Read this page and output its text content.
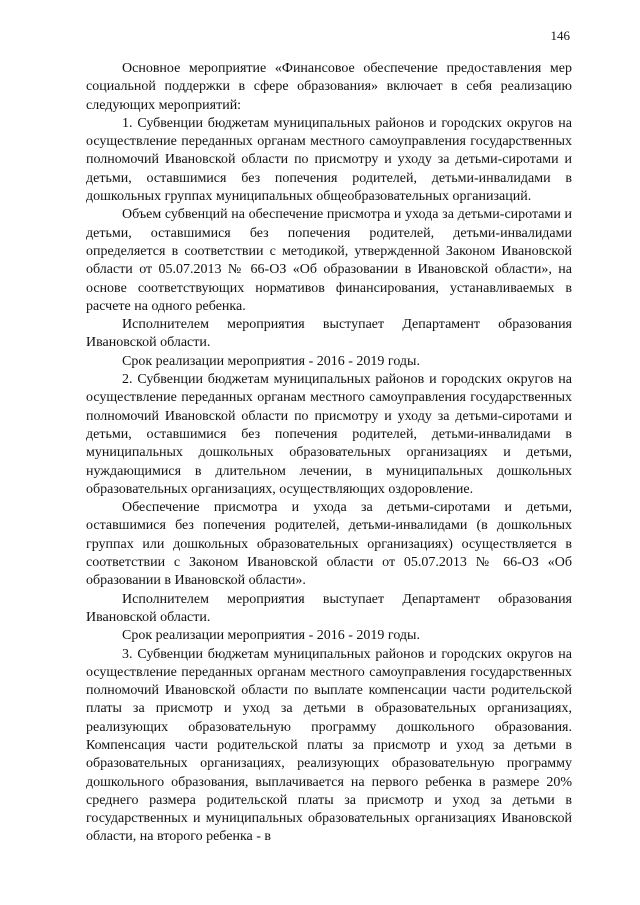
146

Основное мероприятие «Финансовое обеспечение предоставления мер социальной поддержки в сфере образования» включает в себя реализацию следующих мероприятий:

1. Субвенции бюджетам муниципальных районов и городских округов на осуществление переданных органам местного самоуправления государственных полномочий Ивановской области по присмотру и уходу за детьми-сиротами и детьми, оставшимися без попечения родителей, детьми-инвалидами в дошкольных группах муниципальных общеобразовательных организаций.

Объем субвенций на обеспечение присмотра и ухода за детьми-сиротами и детьми, оставшимися без попечения родителей, детьми-инвалидами определяется в соответствии с методикой, утвержденной Законом Ивановской области от 05.07.2013 № 66-ОЗ «Об образовании в Ивановской области», на основе соответствующих нормативов финансирования, устанавливаемых в расчете на одного ребенка.

Исполнителем мероприятия выступает Департамент образования Ивановской области.

Срок реализации мероприятия - 2016 - 2019 годы.

2. Субвенции бюджетам муниципальных районов и городских округов на осуществление переданных органам местного самоуправления государственных полномочий Ивановской области по присмотру и уходу за детьми-сиротами и детьми, оставшимися без попечения родителей, детьми-инвалидами в муниципальных дошкольных образовательных организациях и детьми, нуждающимися в длительном лечении, в муниципальных дошкольных образовательных организациях, осуществляющих оздоровление.

Обеспечение присмотра и ухода за детьми-сиротами и детьми, оставшимися без попечения родителей, детьми-инвалидами (в дошкольных группах или дошкольных образовательных организациях) осуществляется в соответствии с Законом Ивановской области от 05.07.2013 № 66-ОЗ «Об образовании в Ивановской области».

Исполнителем мероприятия выступает Департамент образования Ивановской области.

Срок реализации мероприятия - 2016 - 2019 годы.

3. Субвенции бюджетам муниципальных районов и городских округов на осуществление переданных органам местного самоуправления государственных полномочий Ивановской области по выплате компенсации части родительской платы за присмотр и уход за детьми в образовательных организациях, реализующих образовательную программу дошкольного образования. Компенсация части родительской платы за присмотр и уход за детьми в образовательных организациях, реализующих образовательную программу дошкольного образования, выплачивается на первого ребенка в размере 20% среднего размера родительской платы за присмотр и уход за детьми в государственных и муниципальных образовательных организациях Ивановской области, на второго ребенка - в
